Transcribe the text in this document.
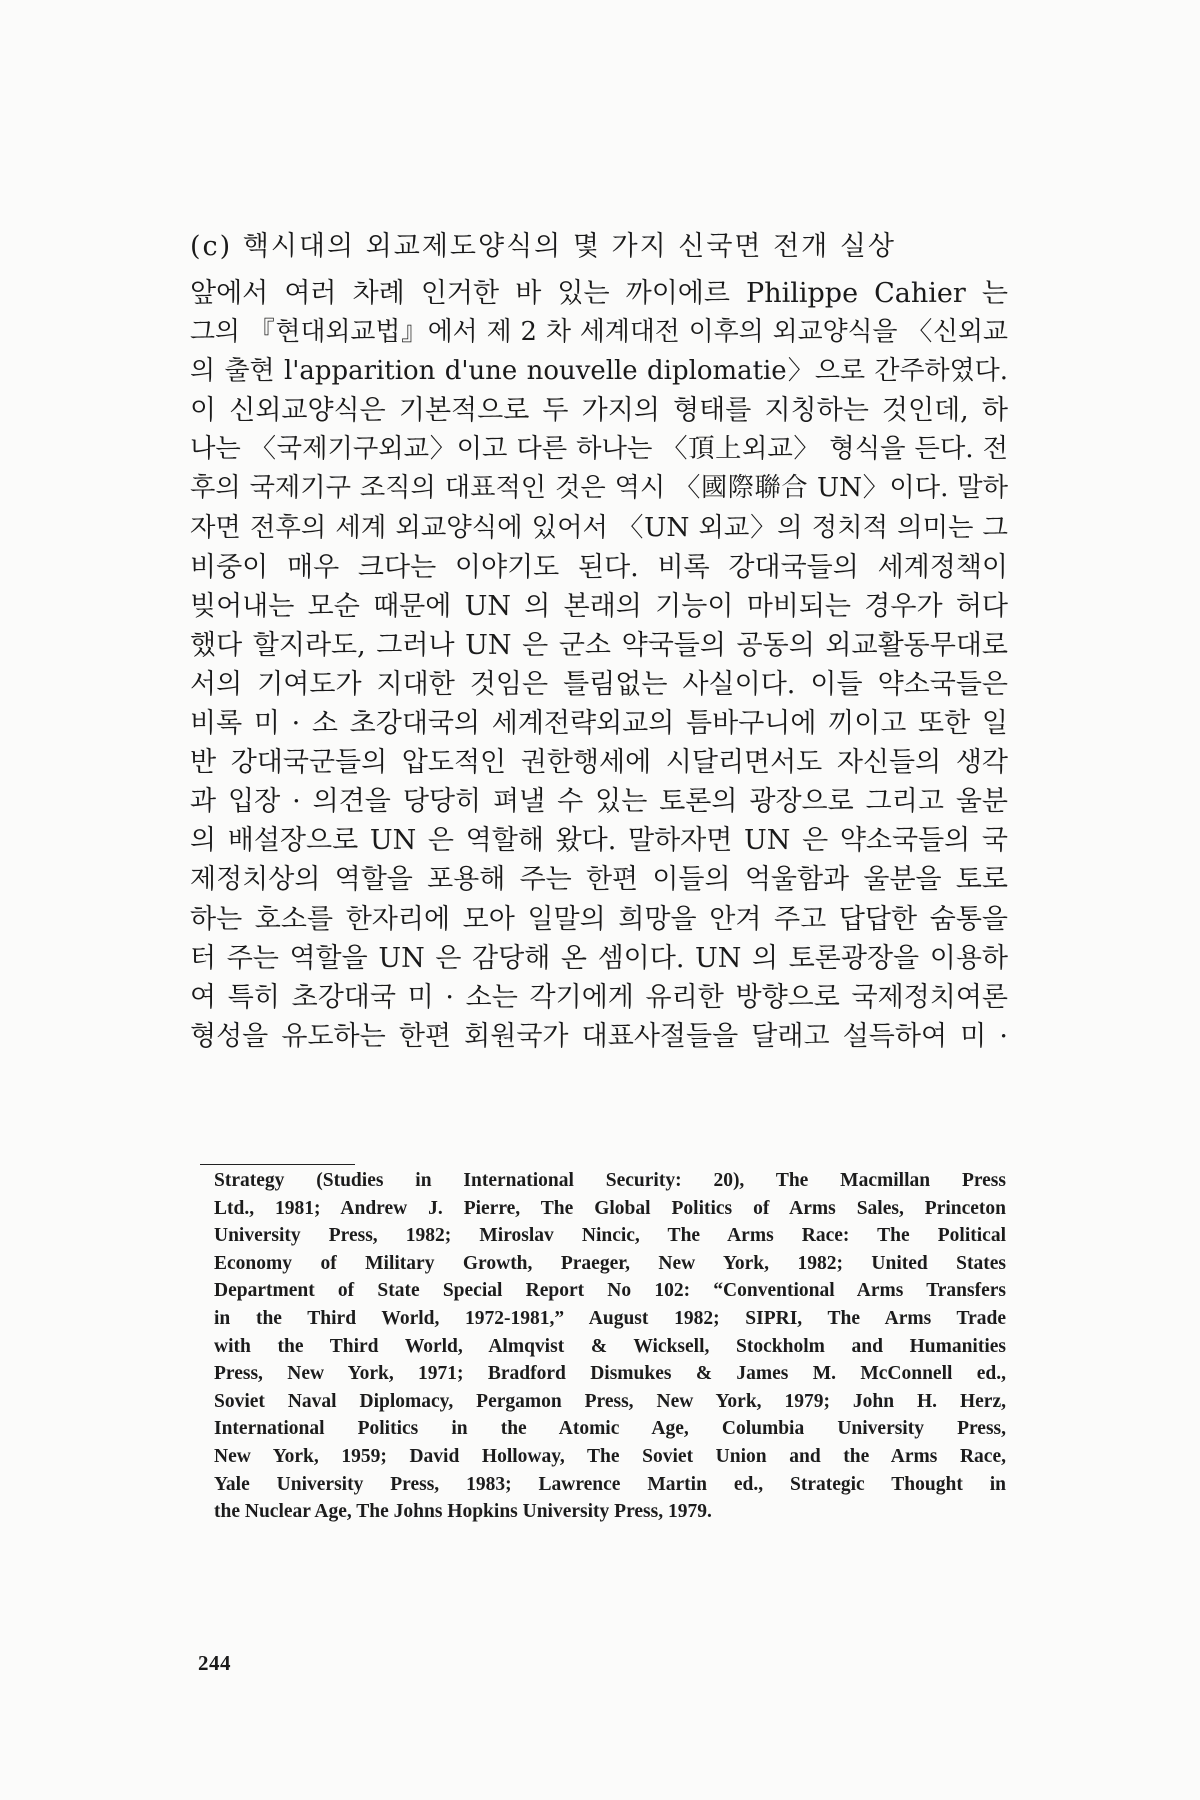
(c) 핵시대의 외교제도양식의 몇 가지 신국면 전개 실상
앞에서 여러 차례 인거한 바 있는 까이에르 Philippe Cahier 는
그의 『현대외교법』에서 제 2 차 세계대전 이후의 외교양식을 〈신외교
의 출현 l'apparition d'une nouvelle diplomatie〉으로 간주하였다.
이 신외교양식은 기본적으로 두 가지의 형태를 지칭하는 것인데, 하
나는 〈국제기구외교〉이고 다른 하나는 〈頂上외교〉 형식을 든다. 전
후의 국제기구 조직의 대표적인 것은 역시 〈國際聯合 UN〉이다. 말하
자면 전후의 세계 외교양식에 있어서 〈UN 외교〉의 정치적 의미는 그
비중이 매우 크다는 이야기도 된다. 비록 강대국들의 세계정책이
빚어내는 모순 때문에 UN 의 본래의 기능이 마비되는 경우가 허다
했다 할지라도, 그러나 UN 은 군소 약국들의 공동의 외교활동무대로
서의 기여도가 지대한 것임은 틀림없는 사실이다. 이들 약소국들은
비록 미 · 소 초강대국의 세계전략외교의 틈바구니에 끼이고 또한 일
반 강대국군들의 압도적인 권한행세에 시달리면서도 자신들의 생각
과 입장 · 의견을 당당히 펴낼 수 있는 토론의 광장으로 그리고 울분
의 배설장으로 UN 은 역할해 왔다. 말하자면 UN 은 약소국들의 국
제정치상의 역할을 포용해 주는 한편 이들의 억울함과 울분을 토로
하는 호소를 한자리에 모아 일말의 희망을 안겨 주고 답답한 숨통을
터 주는 역할을 UN 은 감당해 온 셈이다. UN 의 토론광장을 이용하
여 특히 초강대국 미 · 소는 각기에게 유리한 방향으로 국제정치여론
형성을 유도하는 한편 회원국가 대표사절들을 달래고 설득하여 미 ·
Strategy (Studies in International Security: 20), The Macmillan Press
Ltd., 1981; Andrew J. Pierre, The Global Politics of Arms Sales, Princeton
University Press, 1982; Miroslav Nincic, The Arms Race: The Political
Economy of Military Growth, Praeger, New York, 1982; United States
Department of State Special Report No 102: “Conventional Arms Transfers
in the Third World, 1972-1981,” August 1982; SIPRI, The Arms Trade
with the Third World, Almqvist & Wicksell, Stockholm and Humanities
Press, New York, 1971; Bradford Dismukes & James M. McConnell ed.,
Soviet Naval Diplomacy, Pergamon Press, New York, 1979; John H. Herz,
International Politics in the Atomic Age, Columbia University Press,
New York, 1959; David Holloway, The Soviet Union and the Arms Race,
Yale University Press, 1983; Lawrence Martin ed., Strategic Thought in
the Nuclear Age, The Johns Hopkins University Press, 1979.
244
